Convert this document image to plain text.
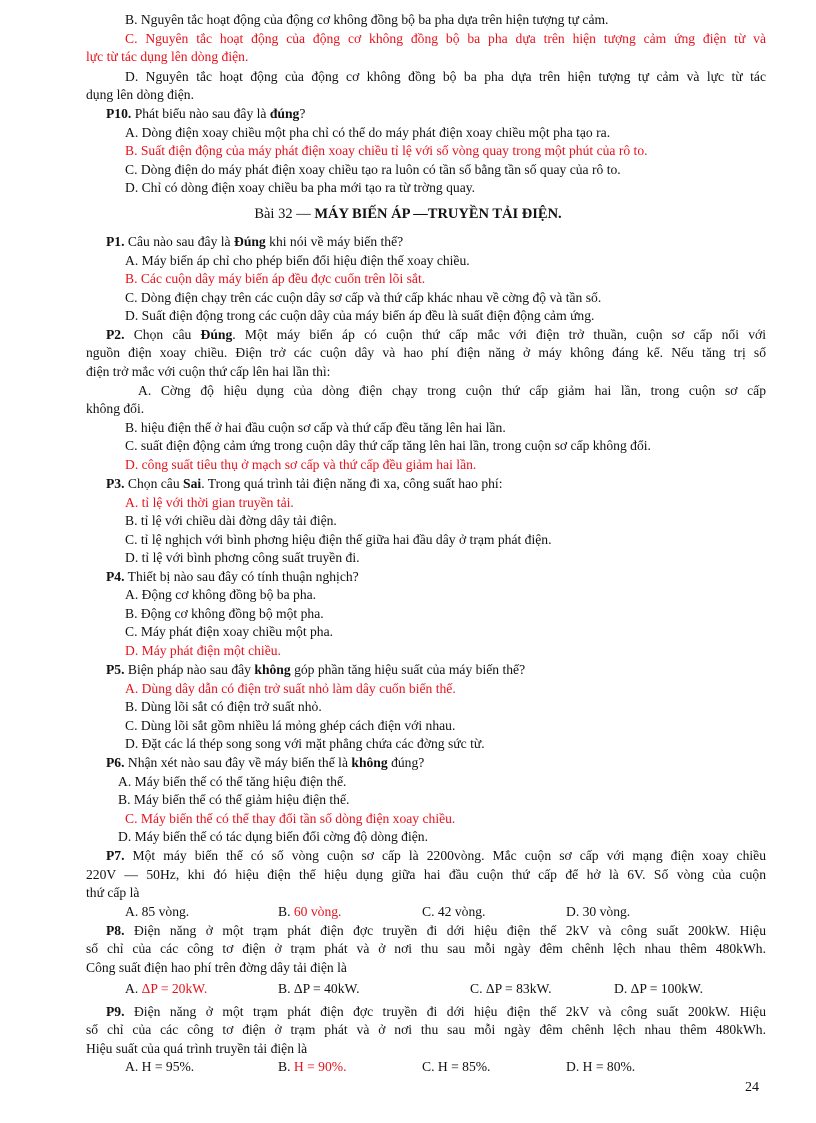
B. Nguyên tắc hoạt động của động cơ không đồng bộ ba pha dựa trên hiện tượng tự cảm.
C. Nguyên tắc hoạt động của động cơ không đồng bộ ba pha dựa trên hiện tượng cảm ứng điện từ và
lực từ tác dụng lên dòng điện.
D. Nguyên tắc hoạt động của động cơ không đồng bộ ba pha dựa trên hiện tượng tự cảm và lực từ tác
dụng lên dòng điện.
P10. Phát biểu nào sau đây là đúng?
A. Dòng điện xoay chiều một pha chỉ có thể do máy phát điện xoay chiều một pha tạo ra.
B. Suất điện động của máy phát điện xoay chiều tỉ lệ với số vòng quay trong một phút của rô to.
C. Dòng điện do máy phát điện xoay chiều tạo ra luôn có tần số bằng tần số quay của rô to.
D. Chỉ có dòng điện xoay chiều ba pha mới tạo ra từ trờng quay.
Bài 32 — MÁY BIẾN ÁP —TRUYỀN TẢI ĐIỆN.
P1. Câu nào sau đây là Đúng khi nói về máy biến thế?
A. Máy biến áp chỉ cho phép biến đổi hiệu điện thế xoay chiều.
B. Các cuộn dây máy biến áp đều đợc cuốn trên lõi sắt.
C. Dòng điện chạy trên các cuộn dây sơ cấp và thứ cấp khác nhau về cờng độ và tần số.
D. Suất điện động trong các cuộn dây của máy biến áp đều là suất điện động cảm ứng.
P2. Chọn câu Đúng. Một máy biến áp có cuộn thứ cấp mắc với điện trở thuần, cuộn sơ cấp nối với
nguồn điện xoay chiều. Điện trở các cuộn dây và hao phí điện năng ở máy không đáng kể. Nếu tăng trị số
điện trở mắc với cuộn thứ cấp lên hai lần thì:
A. Cờng độ hiệu dụng của dòng điện chạy trong cuộn thứ cấp giảm hai lần, trong cuộn sơ cấp
không đổi.
B. hiệu điện thế ở hai đầu cuộn sơ cấp và thứ cấp đều tăng lên hai lần.
C. suất điện động cảm ứng trong cuộn dây thứ cấp tăng lên hai lần, trong cuộn sơ cấp không đổi.
D. công suất tiêu thụ ở mạch sơ cấp và thứ cấp đều giảm hai lần.
P3. Chọn câu Sai. Trong quá trình tải điện năng đi xa, công suất hao phí:
A. tỉ lệ với thời gian truyền tải.
B. tỉ lệ với chiều dài đờng dây tải điện.
C. tỉ lệ nghịch với bình phơng hiệu điện thế giữa hai đầu dây ở trạm phát điện.
D. tỉ lệ với bình phơng công suất truyền đi.
P4. Thiết bị nào sau đây có tính thuận nghịch?
A. Động cơ không đồng bộ ba pha.
B. Động cơ không đồng bộ một pha.
C. Máy phát điện xoay chiều một pha.
D. Máy phát điện một chiều.
P5. Biện pháp nào sau đây không góp phần tăng hiệu suất của máy biến thế?
A. Dùng dây dẫn có điện trở suất nhỏ làm dây cuốn biến thế.
B. Dùng lõi sắt có điện trở suất nhỏ.
C. Dùng lõi sắt gồm nhiều lá mỏng ghép cách điện với nhau.
D. Đặt các lá thép song song với mặt phẳng chứa các đờng sức từ.
P6. Nhận xét nào sau đây về máy biến thế là không đúng?
A. Máy biến thế có thể tăng hiệu điện thế.
B. Máy biến thế có thể giảm hiệu điện thế.
C. Máy biến thế có thể thay đổi tần số dòng điện xoay chiều.
D. Máy biến thế có tác dụng biến đổi cờng độ dòng điện.
P7. Một máy biến thế có số vòng cuộn sơ cấp là 2200vòng. Mắc cuộn sơ cấp với mạng điện xoay chiều
220V — 50Hz, khi đó hiệu điện thế hiệu dụng giữa hai đầu cuộn thứ cấp để hở là 6V. Số vòng của cuộn
thứ cấp là
A. 85 vòng.	B. 60 vòng.	C. 42 vòng.	D. 30 vòng.
P8. Điện năng ở một trạm phát điện đợc truyền đi dới hiệu điện thế 2kV và công suất 200kW. Hiệu
số chỉ của các công tơ điện ở trạm phát và ở nơi thu sau mỗi ngày đêm chênh lệch nhau thêm 480kWh.
Công suất điện hao phí trên đờng dây tải điện là
A. ΔP = 20kW.	B. ΔP = 40kW.	C. ΔP = 83kW.	D. ΔP = 100kW.
P9. Điện năng ở một trạm phát điện đợc truyền đi dới hiệu điện thế 2kV và công suất 200kW. Hiệu
số chỉ của các công tơ điện ở trạm phát và ở nơi thu sau mỗi ngày đêm chênh lệch nhau thêm 480kWh.
Hiệu suất của quá trình truyền tải điện là
A. H = 95%.	B. H = 90%.	C. H = 85%.	D. H = 80%.
24
